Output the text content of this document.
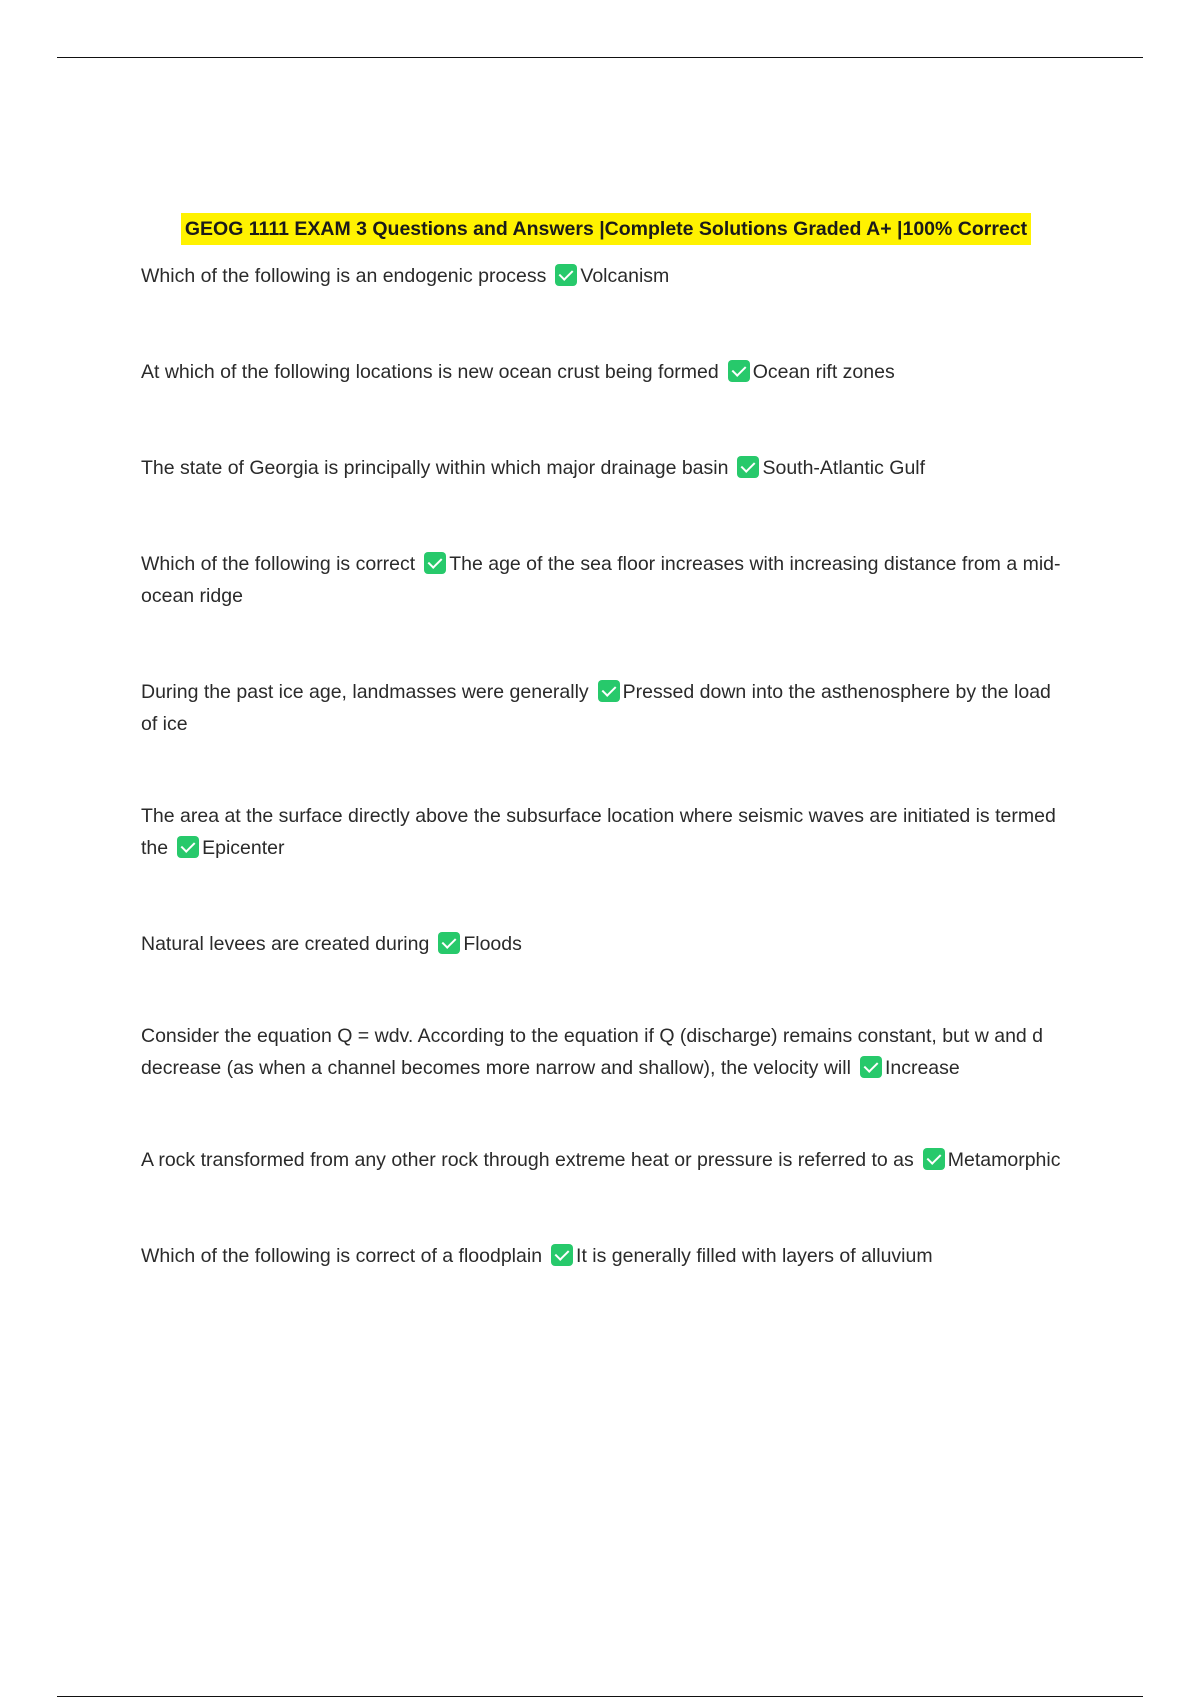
GEOG 1111 EXAM 3 Questions and Answers |Complete Solutions Graded A+ |100% Correct
Which of the following is an endogenic process Volcanism
At which of the following locations is new ocean crust being formed Ocean rift zones
The state of Georgia is principally within which major drainage basin South-Atlantic Gulf
Which of the following is correct The age of the sea floor increases with increasing distance from a mid-ocean ridge
During the past ice age, landmasses were generally Pressed down into the asthenosphere by the load of ice
The area at the surface directly above the subsurface location where seismic waves are initiated is termed the Epicenter
Natural levees are created during Floods
Consider the equation Q = wdv. According to the equation if Q (discharge) remains constant, but w and d decrease (as when a channel becomes more narrow and shallow), the velocity will Increase
A rock transformed from any other rock through extreme heat or pressure is referred to as Metamorphic
Which of the following is correct of a floodplain It is generally filled with layers of alluvium
